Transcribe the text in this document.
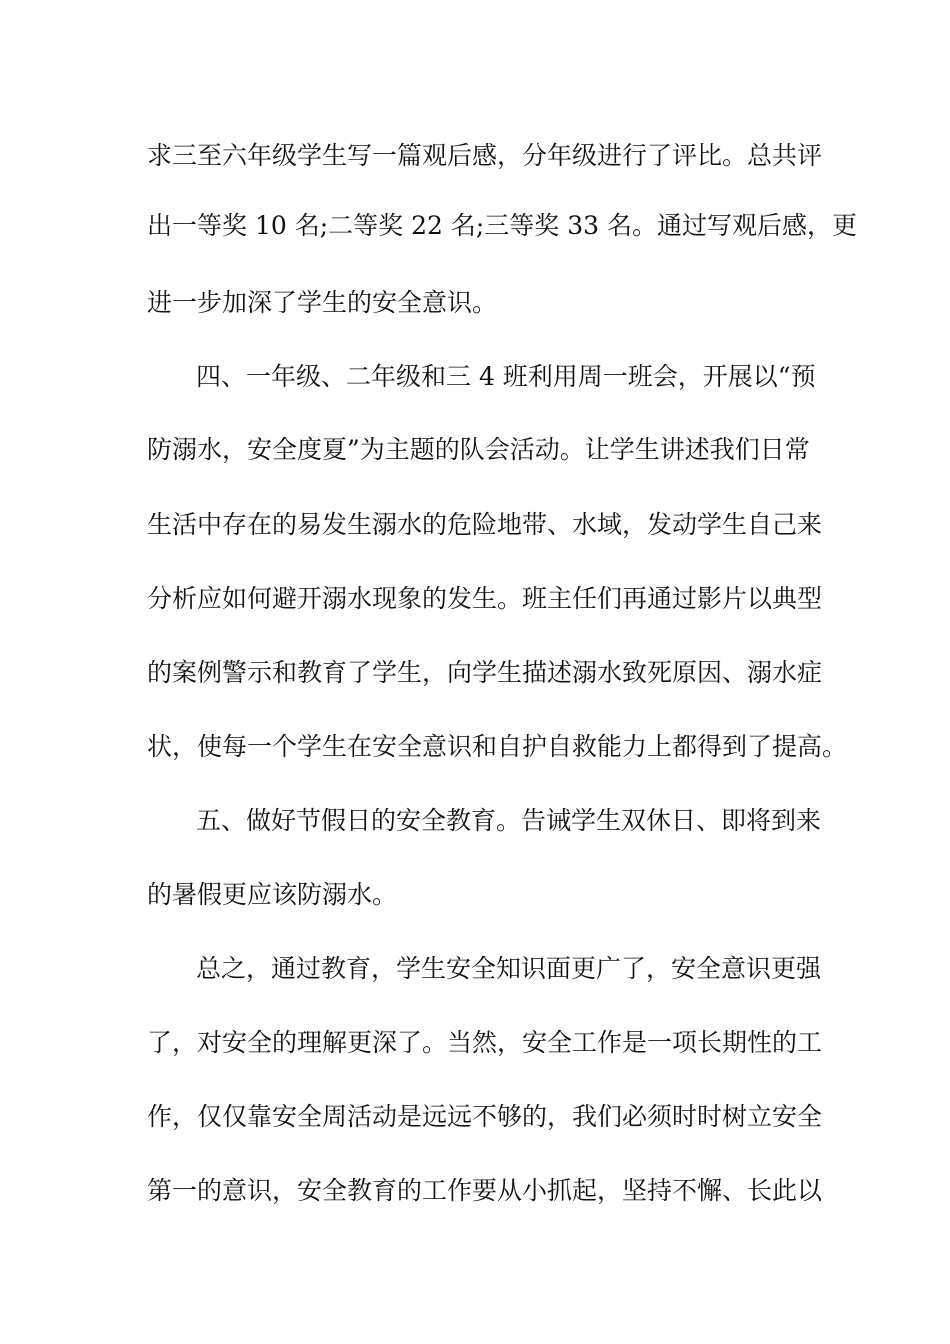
求三至六年级学生写一篇观后感，分年级进行了评比。总共评
出一等奖 10 名;二等奖 22 名;三等奖 33 名。通过写观后感，更
进一步加深了学生的安全意识。
四、一年级、二年级和三 4 班利用周一班会，开展以“预
防溺水，安全度夏”为主题的队会活动。让学生讲述我们日常
生活中存在的易发生溺水的危险地带、水域，发动学生自己来
分析应如何避开溺水现象的发生。班主任们再通过影片以典型
的案例警示和教育了学生，向学生描述溺水致死原因、溺水症
状，使每一个学生在安全意识和自护自救能力上都得到了提高。
五、做好节假日的安全教育。告诫学生双休日、即将到来
的暑假更应该防溺水。
总之，通过教育，学生安全知识面更广了，安全意识更强
了，对安全的理解更深了。当然，安全工作是一项长期性的工
作，仅仅靠安全周活动是远远不够的，我们必须时时树立安全
第一的意识，安全教育的工作要从小抓起，坚持不懈、长此以
